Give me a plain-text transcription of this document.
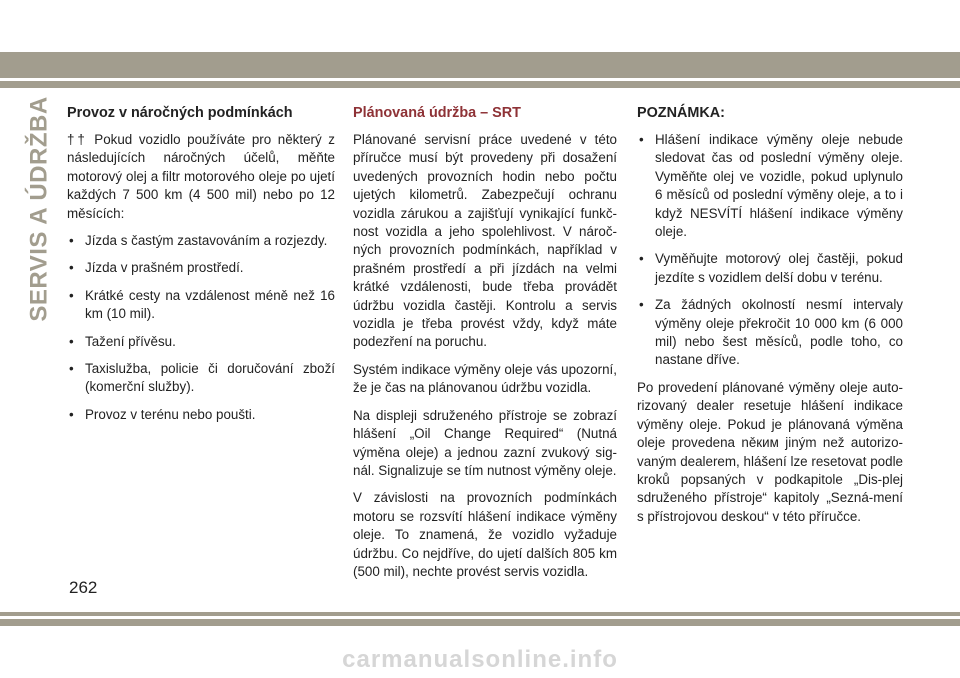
SERVIS A ÚDRŽBA Provoz v náročných podmínkách

†† Pokud vozidlo používáte pro některý z následujících náročných účelů, měňte motorový olej a filtr motorového oleje po ujetí každých 7 500 km (4 500 mil) nebo po 12 měsících:

• Jízda s častým zastavováním a rozjezdy.
• Jízda v prašném prostředí.
• Krátké cesty na vzdálenost méně než 16 km (10 mil).
• Tažení přívěsu.
• Taxislužba, policie či doručování zboží (komerční služby).
• Provoz v terénu nebo poušti.
Plánovaná údržba – SRT

Plánované servisní práce uvedené v této příručce musí být provedeny při dosažení uvedených provozních hodin nebo počtu ujetých kilometrů. Zabezpečují ochranu vozidla zárukou a zajišťují vynikající funkč-nost vozidla a jeho spolehlivost. V nároč-ných provozních podmínkách, například v prašném prostředí a při jízdách na velmi krátké vzdálenosti, bude třeba provádět údržbu vozidla častěji. Kontrolu a servis vozidla je třeba provést vždy, když máte podezření na poruchu.

Systém indikace výměny oleje vás upozorní, že je čas na plánovanou údržbu vozidla.

Na displeji sdruženého přístroje se zobrazí hlášení „Oil Change Required“ (Nutná výměna oleje) a jednou zazní zvukový sig-nál. Signalizuje se tím nutnost výměny oleje.

V závislosti na provozních podmínkách motoru se rozsvítí hlášení indikace výměny oleje. To znamená, že vozidlo vyžaduje údržbu. Co nejdříve, do ujetí dalších 805 km (500 mil), nechte provést servis vozidla.

POZNÁMKA:
• Hlášení indikace výměny oleje nebude sledovat čas od poslední výměny oleje. Vyměňte olej ve vozidle, pokud uplynulo 6 měsíců od poslední výměny oleje, a to i když NESVÍTÍ hlášení indikace výměny oleje.
• Vyměňujte motorový olej častěji, pokud jezdíte s vozidlem delší dobu v terénu.
• Za žádných okolností nesmí intervaly výměny oleje překročit 10 000 km (6 000 mil) nebo šest měsíců, podle toho, co nastane dříve.

Po provedení plánované výměny oleje auto-rizovaný dealer resetuje hlášení indikace výměny oleje. Pokud je plánovaná výměna oleje provedena něким jiným než autorizo-vaným dealerem, hlášení lze resetovat podle kroků popsaných v podkapitole „Dis-plej sdruženého přístroje“ kapitoly „Sezná-mení s přístrojovou deskou“ v této příručce.

262
carmanualsonline.info
